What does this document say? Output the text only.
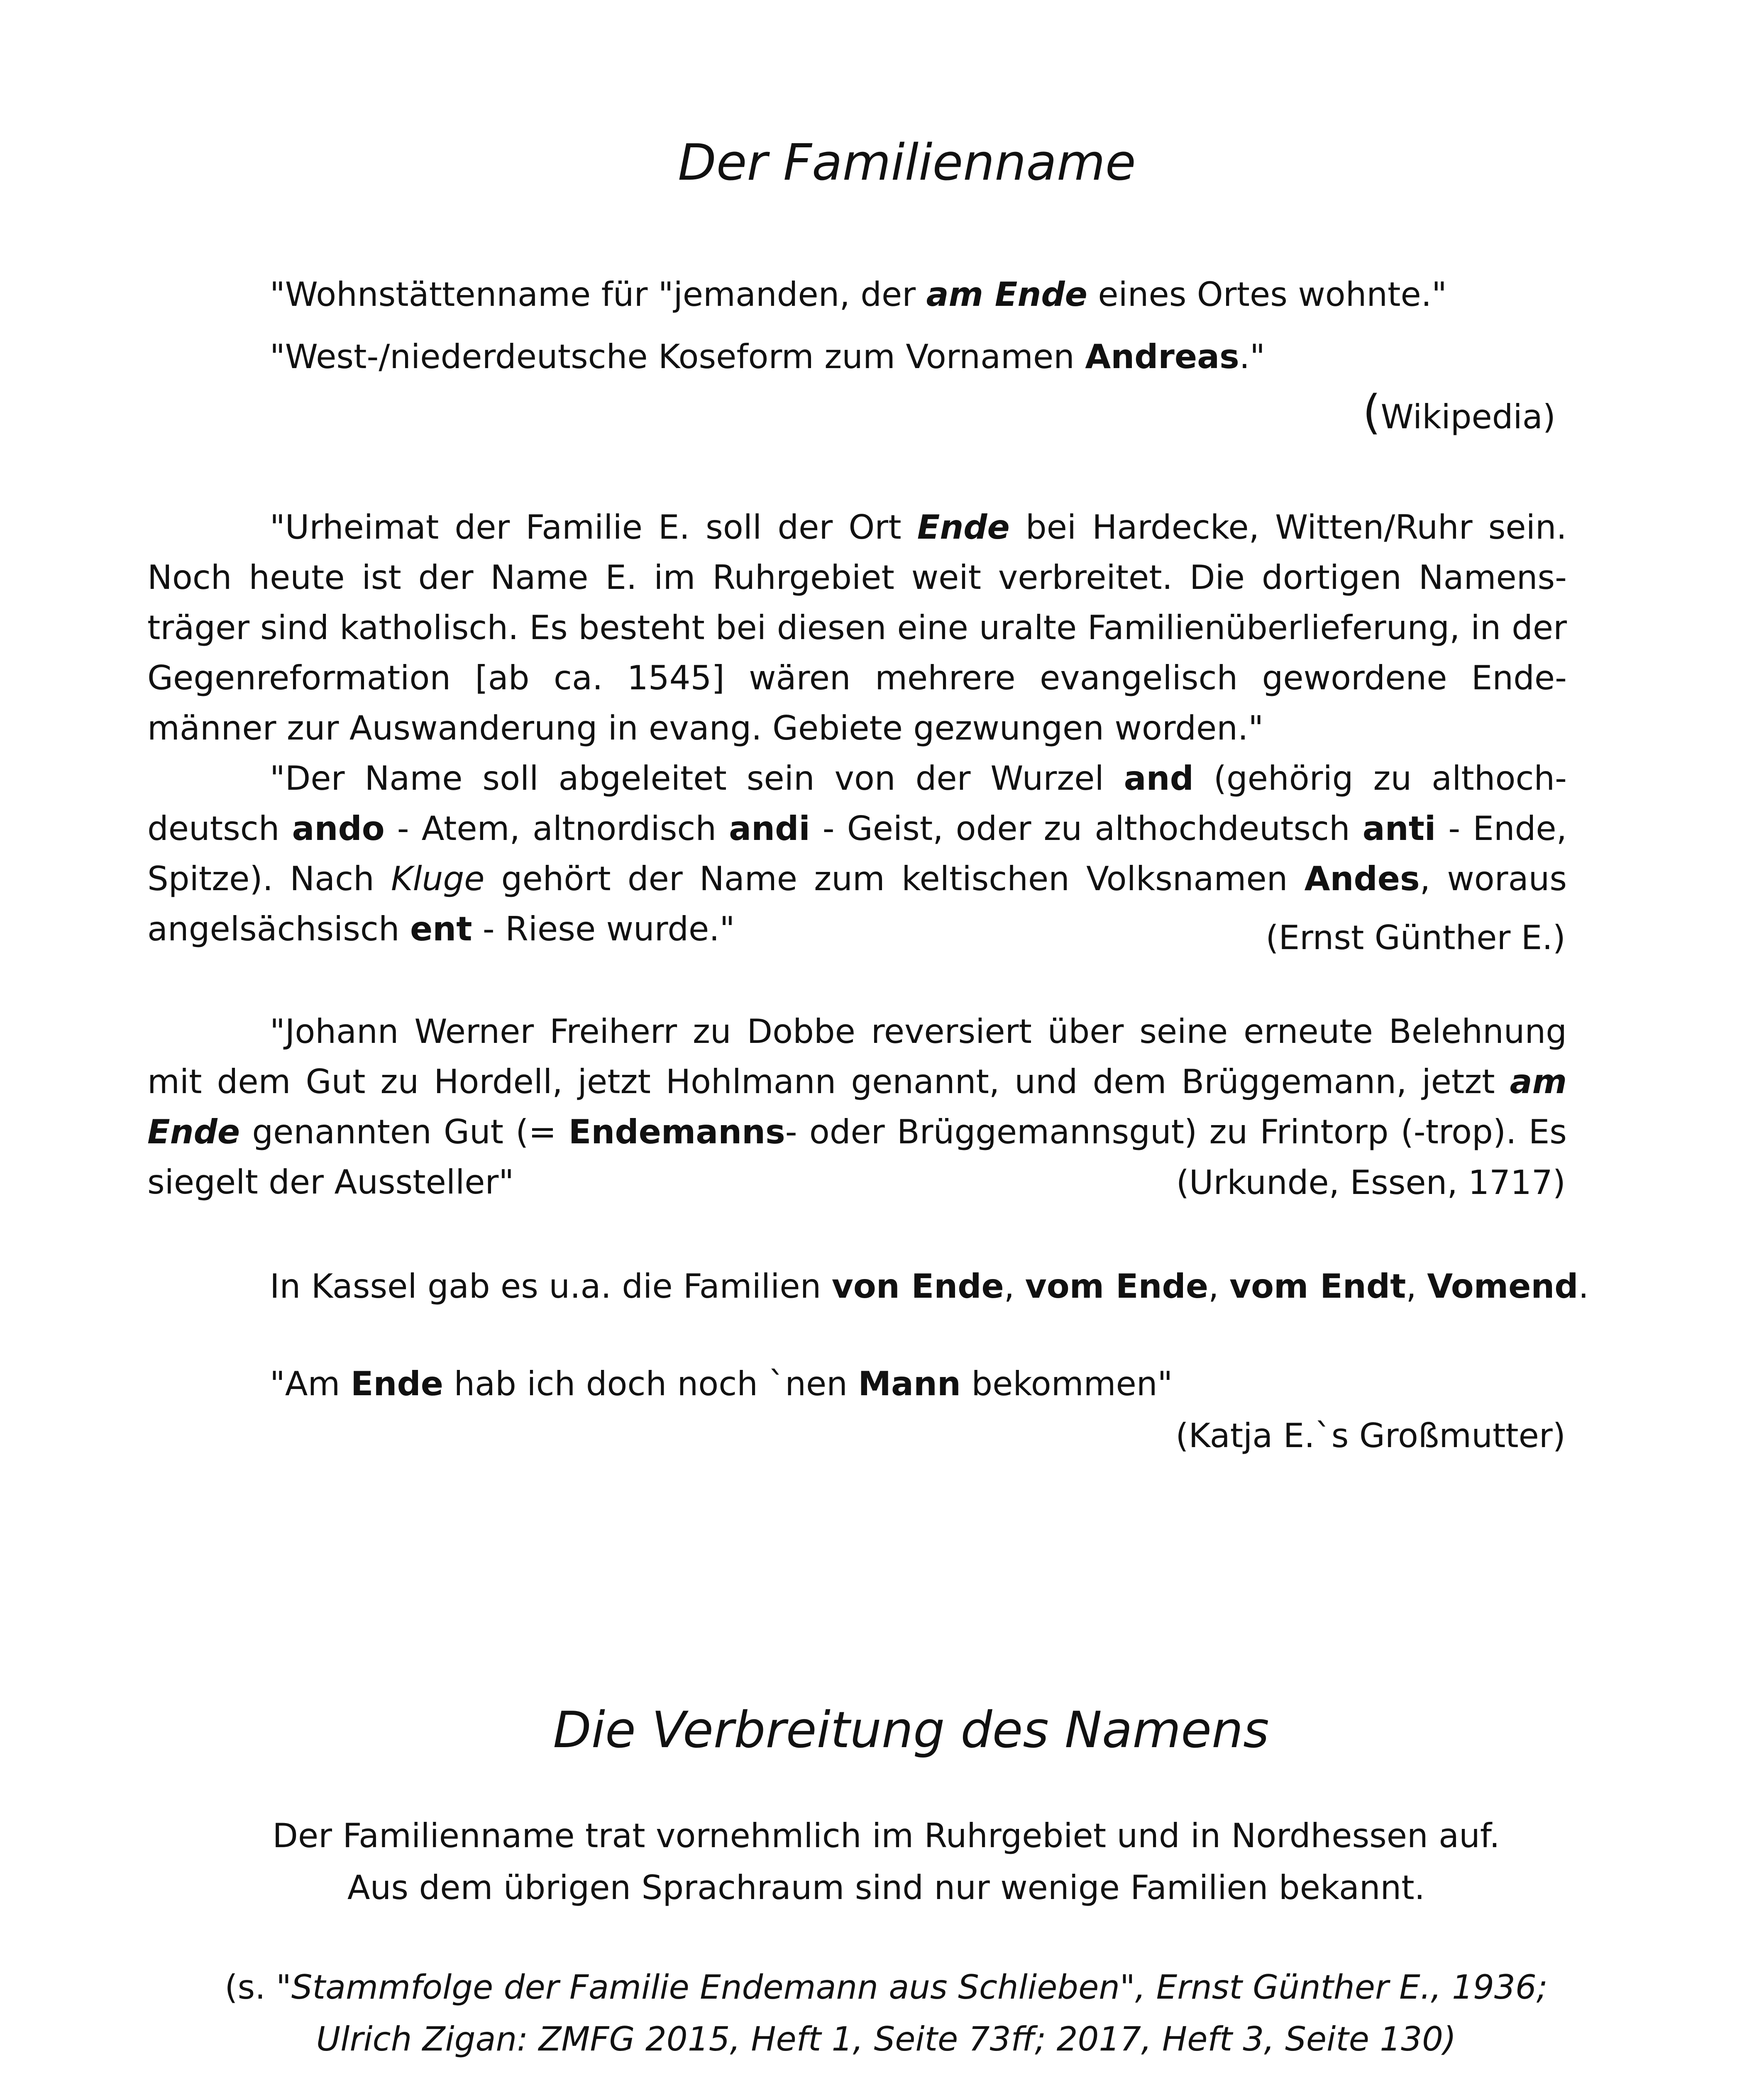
Der Familienname
"Wohnstättenname für "jemanden, der am Ende eines Ortes wohnte."
"West-/niederdeutsche Koseform zum Vornamen Andreas."
(Wikipedia)

"Urheimat der Familie E. soll der Ort Ende bei Hardecke, Witten/Ruhr sein.

Noch heute ist der Name E. im Ruhrgebiet weit verbreitet. Die dortigen Namens-

träger sind katholisch. Es besteht bei diesen eine uralte Familienüberlieferung, in der

Gegenreformation [ab ca. 1545] wären mehrere evangelisch gewordene Ende-

männer zur Auswanderung in evang. Gebiete gezwungen worden."

"Der Name soll abgeleitet sein von der Wurzel and (gehörig zu althoch-

deutsch ando - Atem, altnordisch andi - Geist, oder zu althochdeutsch anti - Ende,

Spitze). Nach Kluge gehört der Name zum keltischen Volksnamen Andes, woraus

angelsächsisch ent - Riese wurde."	(Ernst Günther E.)

"Johann Werner Freiherr zu Dobbe reversiert über seine erneute Belehnung

mit dem Gut zu Hordell, jetzt Hohlmann genannt, und dem Brüggemann, jetzt am

Ende genannten Gut (= Endemanns- oder Brüggemannsgut) zu Frintorp (-trop). Es

siegelt der Aussteller"	(Urkunde, Essen, 1717)
In Kassel gab es u.a. die Familien von Ende, vom Ende, vom Endt, Vomend.
"Am Ende hab ich doch noch `nen Mann bekommen"
(Katja E.`s Großmutter)
Die Verbreitung des Namens
Der Familienname trat vornehmlich im Ruhrgebiet und in Nordhessen auf.
Aus dem übrigen Sprachraum sind nur wenige Familien bekannt.
(s. "Stammfolge der Familie Endemann aus Schlieben", Ernst Günther E., 1936;
Ulrich Zigan: ZMFG 2015, Heft 1, Seite 73ff; 2017, Heft 3, Seite 130)
